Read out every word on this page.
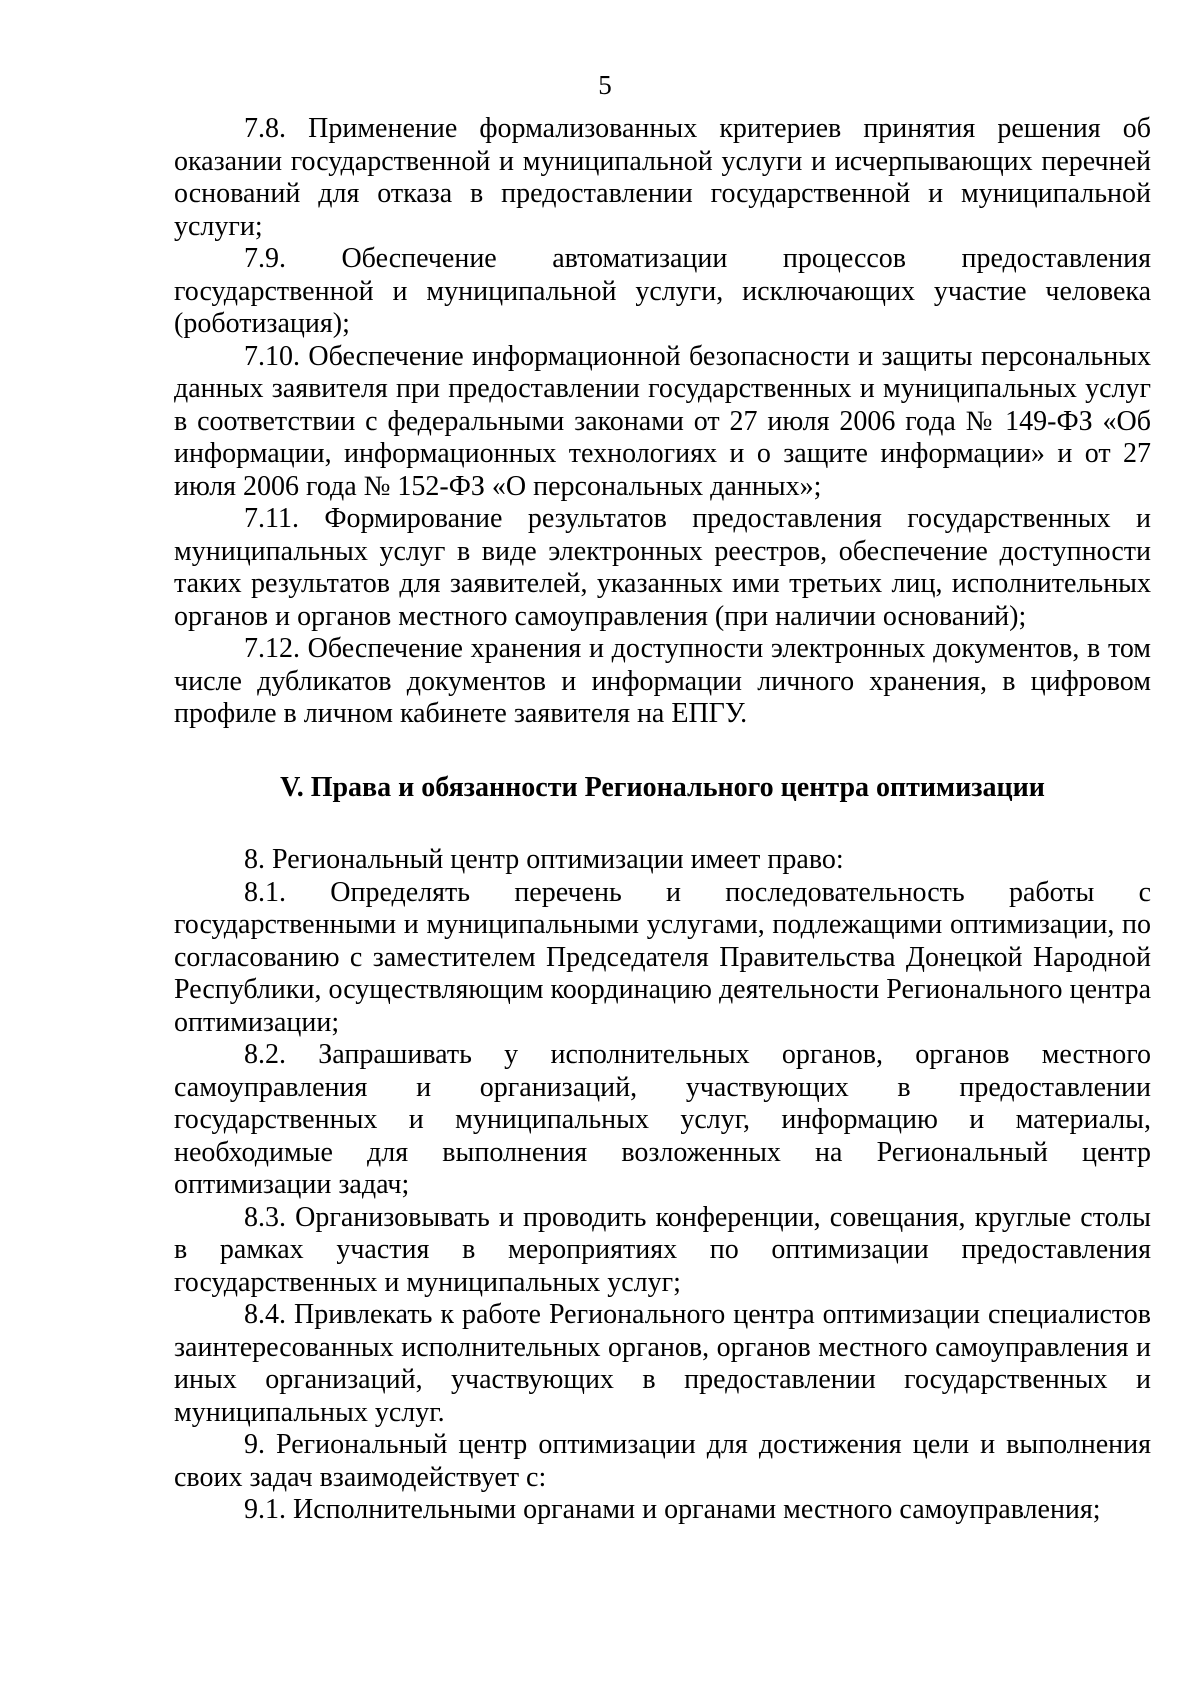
5

7.8. Применение формализованных критериев принятия решения об оказании государственной и муниципальной услуги и исчерпывающих перечней оснований для отказа в предоставлении государственной и муниципальной услуги;

7.9. Обеспечение автоматизации процессов предоставления государственной и муниципальной услуги, исключающих участие человека (роботизация);

7.10. Обеспечение информационной безопасности и защиты персональных данных заявителя при предоставлении государственных и муниципальных услуг в соответствии с федеральными законами от 27 июля 2006 года № 149-ФЗ «Об информации, информационных технологиях и о защите информации» и от 27 июля 2006 года № 152-ФЗ «О персональных данных»;

7.11. Формирование результатов предоставления государственных и муниципальных услуг в виде электронных реестров, обеспечение доступности таких результатов для заявителей, указанных ими третьих лиц, исполнительных органов и органов местного самоуправления (при наличии оснований);

7.12. Обеспечение хранения и доступности электронных документов, в том числе дубликатов документов и информации личного хранения, в цифровом профиле в личном кабинете заявителя на ЕПГУ.

V. Права и обязанности Регионального центра оптимизации

8. Региональный центр оптимизации имеет право:

8.1. Определять перечень и последовательность работы с государственными и муниципальными услугами, подлежащими оптимизации, по согласованию с заместителем Председателя Правительства Донецкой Народной Республики, осуществляющим координацию деятельности Регионального центра оптимизации;

8.2. Запрашивать у исполнительных органов, органов местного самоуправления и организаций, участвующих в предоставлении государственных и муниципальных услуг, информацию и материалы, необходимые для выполнения возложенных на Региональный центр оптимизации задач;

8.3. Организовывать и проводить конференции, совещания, круглые столы в рамках участия в мероприятиях по оптимизации предоставления государственных и муниципальных услуг;

8.4. Привлекать к работе Регионального центра оптимизации специалистов заинтересованных исполнительных органов, органов местного самоуправления и иных организаций, участвующих в предоставлении государственных и муниципальных услуг.

9. Региональный центр оптимизации для достижения цели и выполнения своих задач взаимодействует с:

9.1. Исполнительными органами и органами местного самоуправления;
